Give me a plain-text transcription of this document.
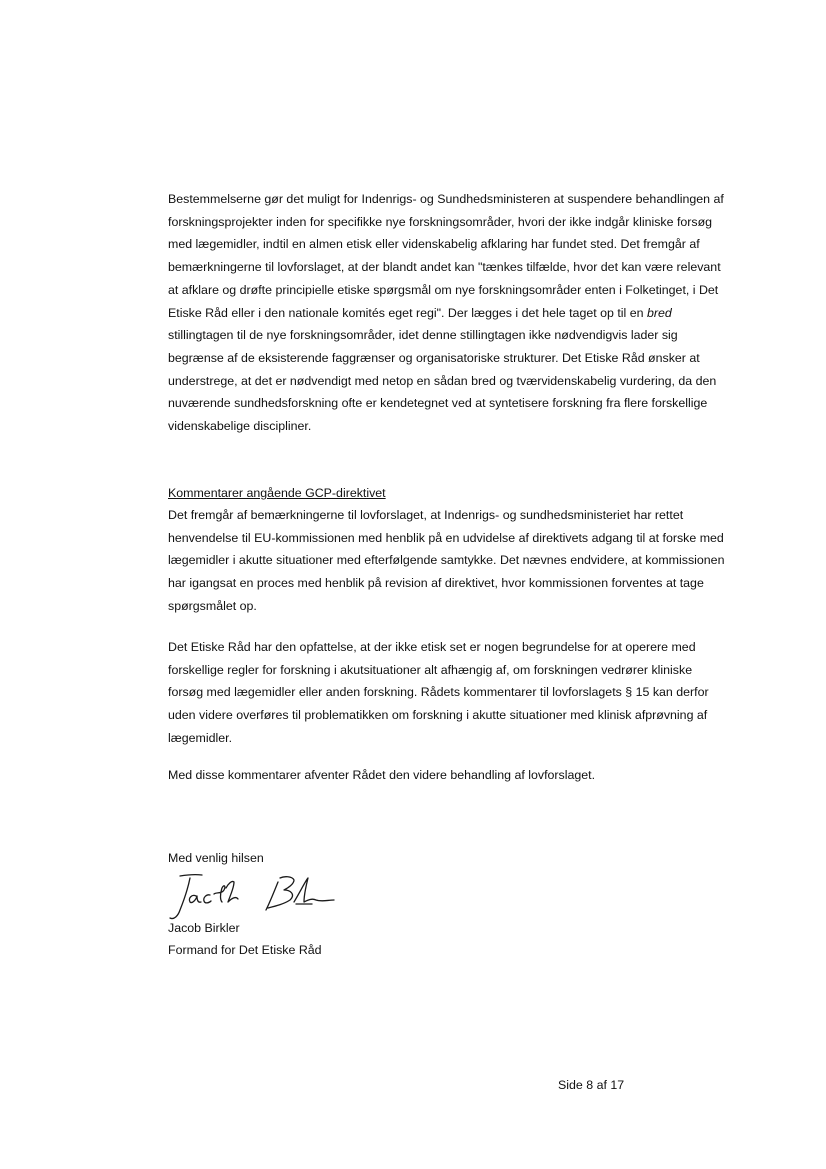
Bestemmelserne gør det muligt for Indenrigs- og Sundhedsministeren at suspendere behandlingen af forskningsprojekter inden for specifikke nye forskningsområder, hvori der ikke indgår kliniske forsøg med lægemidler, indtil en almen etisk eller videnskabelig afklaring har fundet sted. Det fremgår af bemærkningerne til lovforslaget, at der blandt andet kan "tænkes tilfælde, hvor det kan være relevant at afklare og drøfte principielle etiske spørgsmål om nye forskningsområder enten i Folketinget, i Det Etiske Råd eller i den nationale komités eget regi". Der lægges i det hele taget op til en bred stillingtagen til de nye forskningsområder, idet denne stillingtagen ikke nødvendigvis lader sig begrænse af de eksisterende faggrænser og organisatoriske strukturer. Det Etiske Råd ønsker at understrege, at det er nødvendigt med netop en sådan bred og tværvidenskabelig vurdering, da den nuværende sundhedsforskning ofte er kendetegnet ved at syntetisere forskning fra flere forskellige videnskabelige discipliner.

Kommentarer angående GCP-direktivet

Det fremgår af bemærkningerne til lovforslaget, at Indenrigs- og sundhedsministeriet har rettet henvendelse til EU-kommissionen med henblik på en udvidelse af direktivets adgang til at forske med lægemidler i akutte situationer med efterfølgende samtykke. Det nævnes endvidere, at kommissionen har igangsat en proces med henblik på revision af direktivet, hvor kommissionen forventes at tage spørgsmålet op.

Det Etiske Råd har den opfattelse, at der ikke etisk set er nogen begrundelse for at operere med forskellige regler for forskning i akutsituationer alt afhængig af, om forskningen vedrører kliniske forsøg med lægemidler eller anden forskning. Rådets kommentarer til lovforslagets § 15 kan derfor uden videre overføres til problematikken om forskning i akutte situationer med klinisk afprøvning af lægemidler.

Med disse kommentarer afventer Rådet den videre behandling af lovforslaget.

Med venlig hilsen

Jacob Birkler

Formand for Det Etiske Råd

Side 8 af 17
